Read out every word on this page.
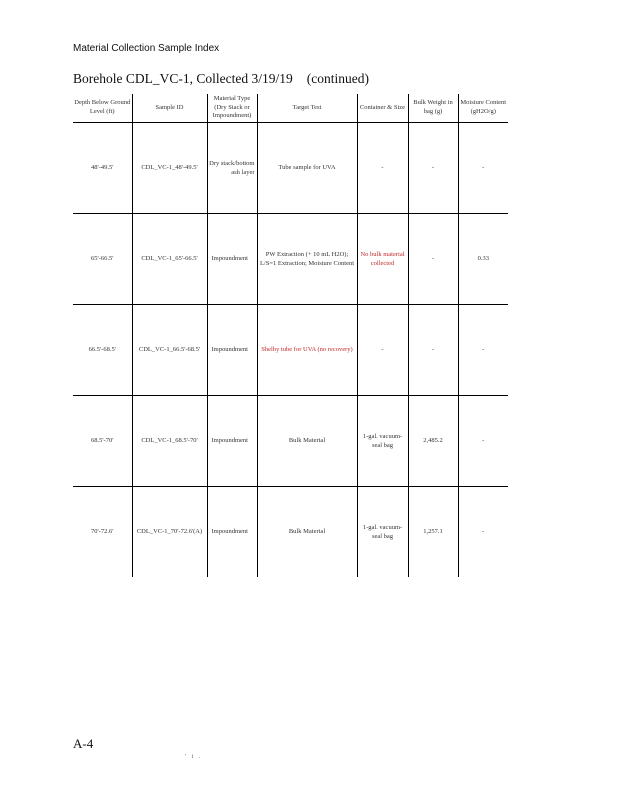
Material Collection Sample Index
Borehole CDL_VC-1, Collected 3/19/19 (continued)
Depth Below Ground Level (ft)	Sample ID	Material Type (Dry Stack or Impoundment)	Target Test	Container & Size	Bulk Weight in bag (g)	Moisture Content (gH2O/g)
48'-49.5'	CDL_VC-1_48'-49.5'	Dry stack/bottom ash layer	Tube sample for UVA	-	-	-
65'-66.5'	CDL_VC-1_65'-66.5'	Impoundment	PW Extraction (+ 10 mL H2O); L/S=1 Extraction; Moisture Content	No bulk material collected	-	0.33
66.5'-68.5'	CDL_VC-1_66.5'-68.5'	Impoundment	Shelby tube for UVA (no recovery)	-	-	-
68.5'-70'	CDL_VC-1_68.5'-70'	Impoundment	Bulk Material	1-gal. vacuum-seal bag	2,485.2	-
70'-72.6'	CDL_VC-1_70'-72.6'(A)	Impoundment	Bulk Material	1-gal. vacuum-seal bag	1,257.1	-
A-4
' i .
